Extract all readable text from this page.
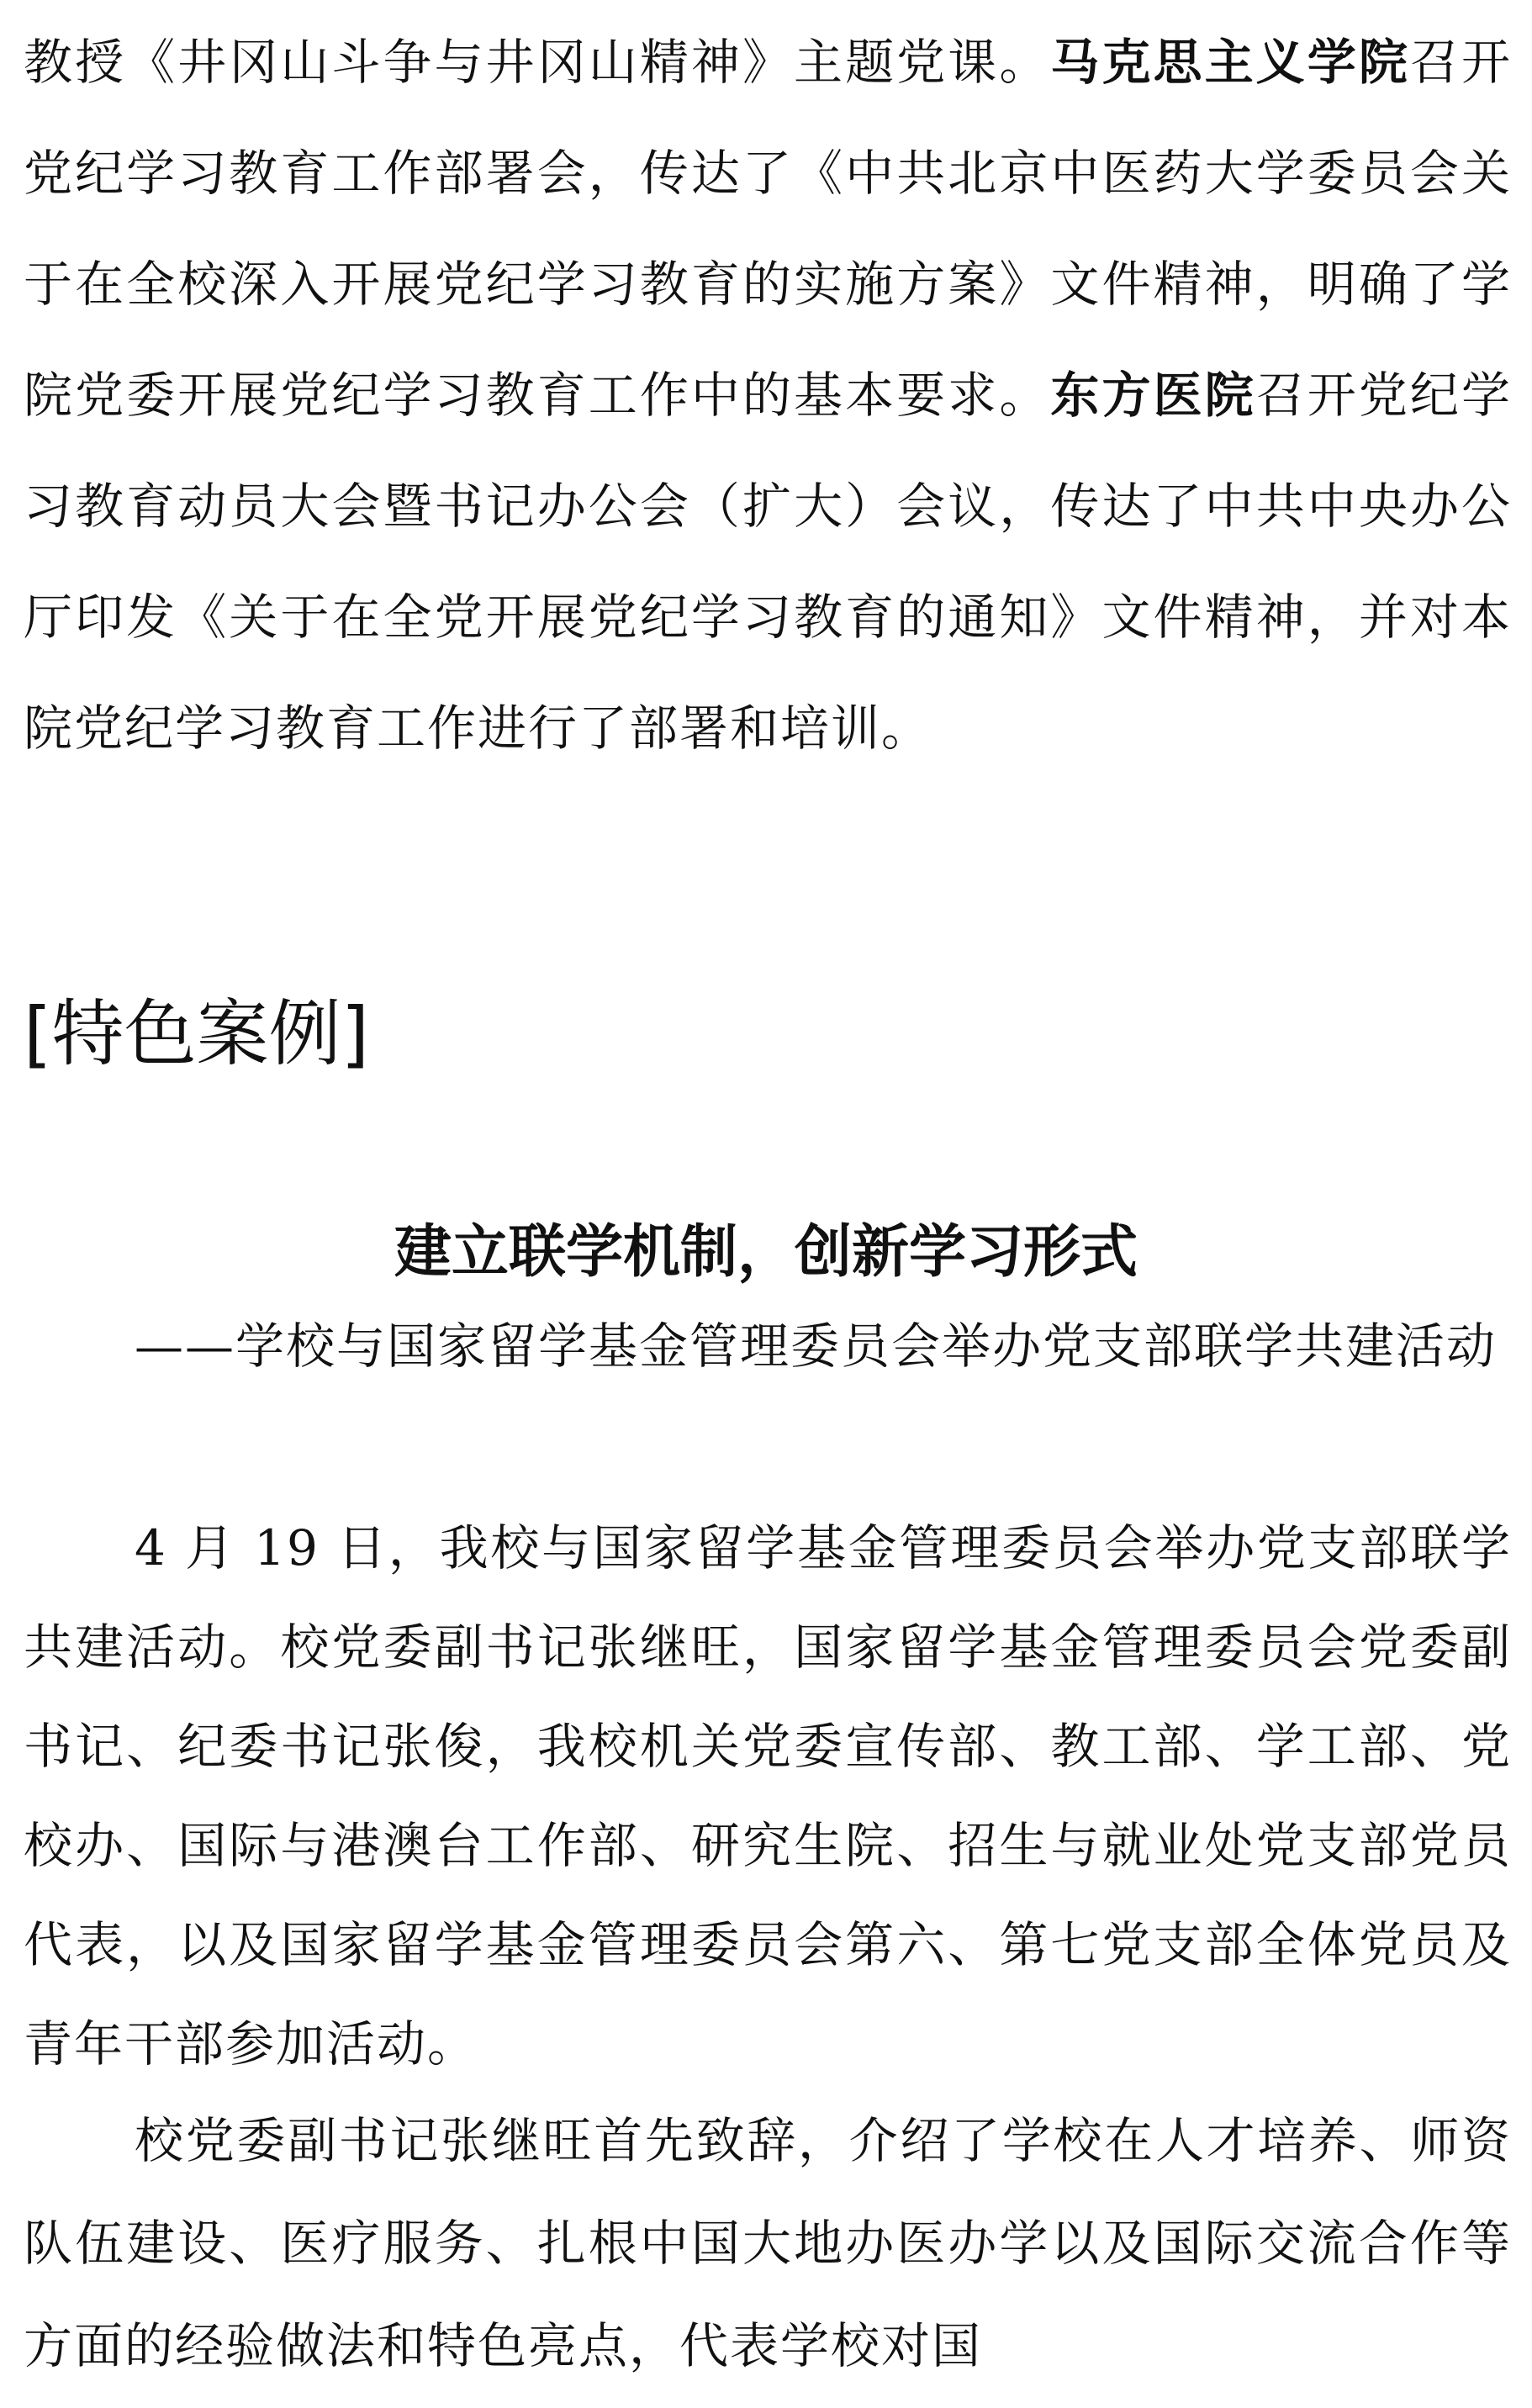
教授《井冈山斗争与井冈山精神》主题党课。马克思主义学院召开党纪学习教育工作部署会，传达了《中共北京中医药大学委员会关于在全校深入开展党纪学习教育的实施方案》文件精神，明确了学院党委开展党纪学习教育工作中的基本要求。东方医院召开党纪学习教育动员大会暨书记办公会（扩大）会议，传达了中共中央办公厅印发《关于在全党开展党纪学习教育的通知》文件精神，并对本院党纪学习教育工作进行了部署和培训。

[特色案例]
建立联学机制，创新学习形式

——学校与国家留学基金管理委员会举办党支部联学共建活动

4 月 19 日，我校与国家留学基金管理委员会举办党支部联学共建活动。校党委副书记张继旺，国家留学基金管理委员会党委副书记、纪委书记张俊，我校机关党委宣传部、教工部、学工部、党校办、国际与港澳台工作部、研究生院、招生与就业处党支部党员代表，以及国家留学基金管理委员会第六、第七党支部全体党员及青年干部参加活动。

校党委副书记张继旺首先致辞，介绍了学校在人才培养、师资队伍建设、医疗服务、扎根中国大地办医办学以及国际交流合作等方面的经验做法和特色亮点，代表学校对国
